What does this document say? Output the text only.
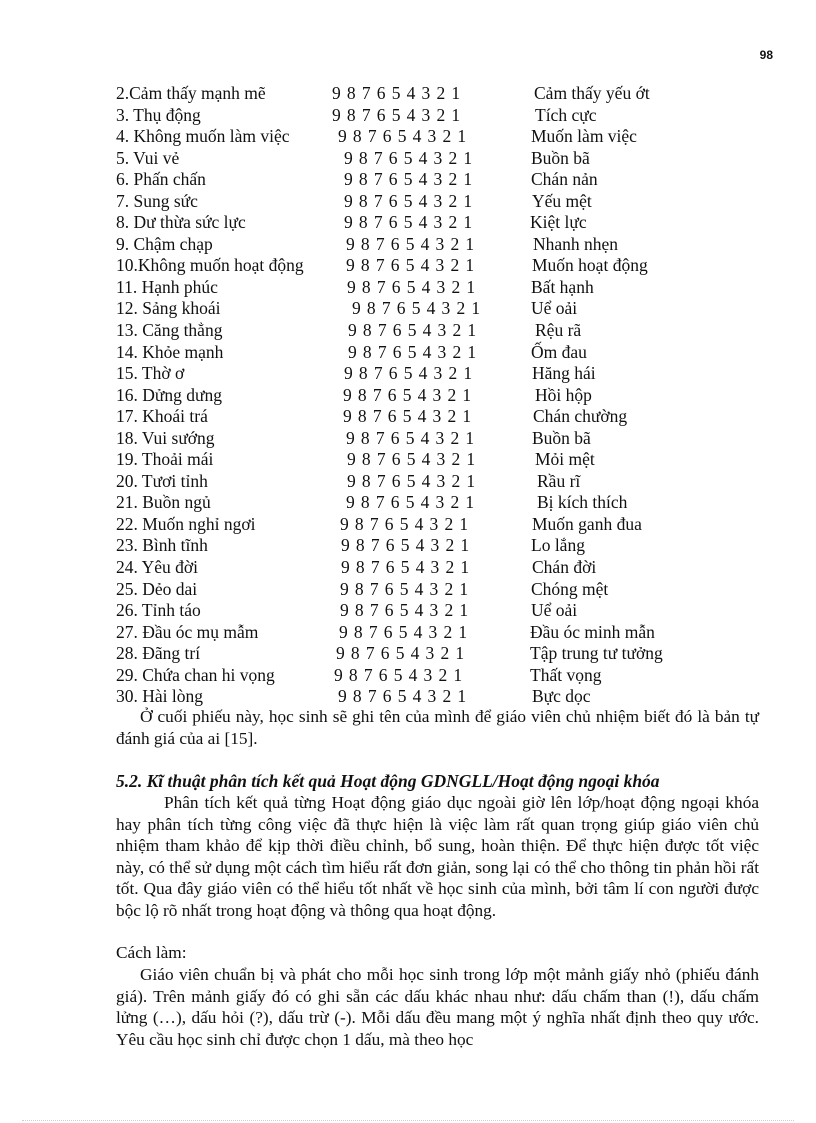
98
2.Cảm thấy mạnh mẽ	9 8 7 6 5 4 3 2 1	Cảm thấy yếu ớt
3. Thụ động	9 8 7 6 5 4 3 2 1	Tích cực
4. Không muốn làm việc	9 8 7 6 5 4 3 2 1	Muốn làm việc
5. Vui vẻ	9 8 7 6 5 4 3 2 1	Buồn bã
6. Phấn chấn	9 8 7 6 5 4 3 2 1	Chán nản
7. Sung sức	9 8 7 6 5 4 3 2 1	Yếu mệt
8. Dư thừa sức lực	9 8 7 6 5 4 3 2 1	Kiệt lực
9. Chậm chạp	9 8 7 6 5 4 3 2 1	Nhanh nhẹn
10.Không muốn hoạt động 9 8 7 6 5 4 3 2 1	Muốn hoạt động
11. Hạnh phúc	9 8 7 6 5 4 3 2 1	Bất hạnh
12. Sảng khoái	9 8 7 6 5 4 3 2 1	Uể oải
13. Căng thẳng	9 8 7 6 5 4 3 2 1	Rệu rã
14. Khỏe mạnh	9 8 7 6 5 4 3 2 1	Ốm đau
15. Thờ ơ	9 8 7 6 5 4 3 2 1	Hăng hái
16. Dửng dưng	9 8 7 6 5 4 3 2 1	Hồi hộp
17. Khoái trá	9 8 7 6 5 4 3 2 1	Chán chường
18. Vui sướng	9 8 7 6 5 4 3 2 1	Buồn bã
19. Thoải mái	9 8 7 6 5 4 3 2 1	Mỏi mệt
20. Tươi tỉnh	9 8 7 6 5 4 3 2 1	Rầu rĩ
21. Buồn ngủ	9 8 7 6 5 4 3 2 1	Bị kích thích
22. Muốn nghỉ ngơi	9 8 7 6 5 4 3 2 1	Muốn ganh đua
23. Bình tĩnh	9 8 7 6 5 4 3 2 1	Lo lắng
24. Yêu đời	9 8 7 6 5 4 3 2 1	Chán đời
25. Dẻo dai	9 8 7 6 5 4 3 2 1	Chóng mệt
26. Tỉnh táo	9 8 7 6 5 4 3 2 1	Uể oải
27. Đầu óc mụ mẫm	9 8 7 6 5 4 3 2 1	Đầu óc minh mẫn
28. Đãng trí	9 8 7 6 5 4 3 2 1	Tập trung tư tưởng
29. Chứa chan hi vọng	9 8 7 6 5 4 3 2 1	Thất vọng
30. Hài lòng	9 8 7 6 5 4 3 2 1	Bực dọc
Ở cuối phiếu này, học sinh sẽ ghi tên của mình để giáo viên chủ nhiệm biết đó là bản tự đánh giá của ai [15].
5.2. Kĩ thuật phân tích kết quả Hoạt động GDNGLL/Hoạt động ngoại khóa
Phân tích kết quả từng Hoạt động giáo dục ngoài giờ lên lớp/hoạt động ngoại khóa hay phân tích từng công việc đã thực hiện là việc làm rất quan trọng giúp giáo viên chủ nhiệm tham khảo để kịp thời điều chỉnh, bổ sung, hoàn thiện. Để thực hiện được tốt việc này, có thể sử dụng một cách tìm hiểu rất đơn giản, song lại có thể cho thông tin phản hồi rất tốt. Qua đây giáo viên có thể hiểu tốt nhất về học sinh của mình, bởi tâm lí con người được bộc lộ rõ nhất trong hoạt động và thông qua hoạt động.
Cách làm:
Giáo viên chuẩn bị và phát cho mỗi học sinh trong lớp một mảnh giấy nhỏ (phiếu đánh giá). Trên mảnh giấy đó có ghi sẵn các dấu khác nhau như: dấu chấm than (!), dấu chấm lửng (…), dấu hỏi (?), dấu trừ (-). Mỗi dấu đều mang một ý nghĩa nhất định theo quy ước. Yêu cầu học sinh chỉ được chọn 1 dấu, mà theo học
